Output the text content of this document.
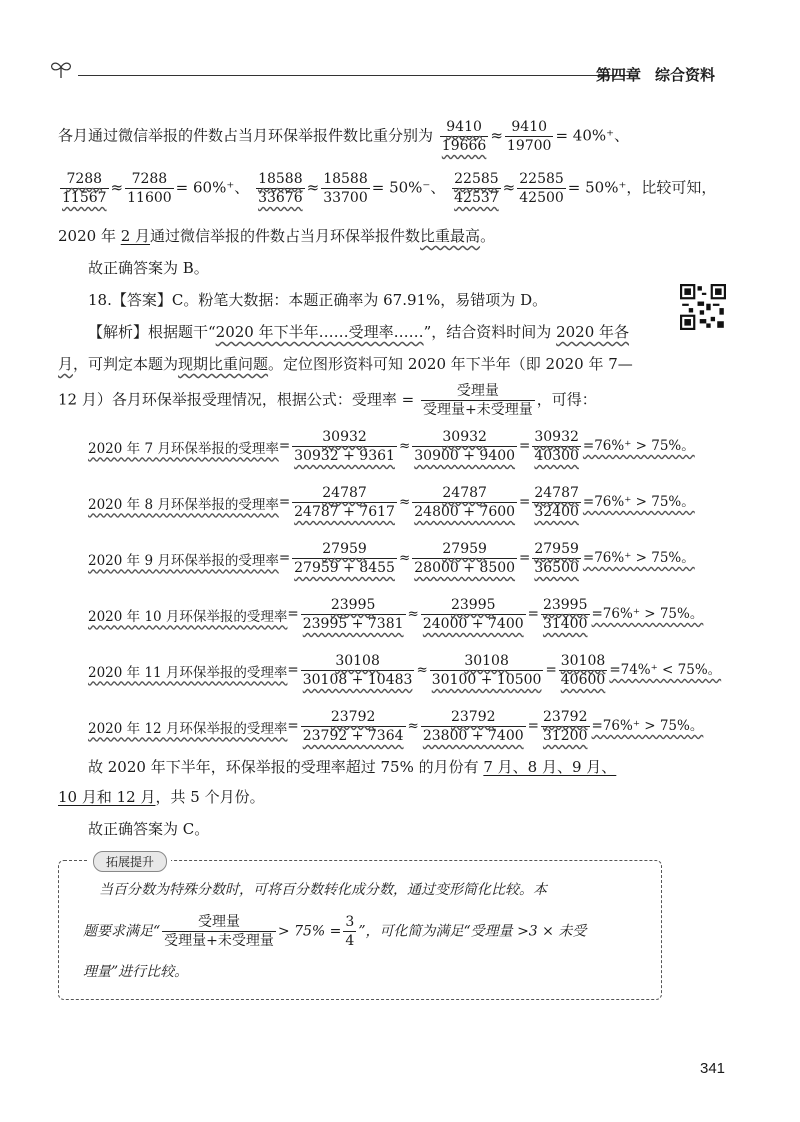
第四章 综合资料
各月通过微信举报的件数占当月环保举报件数比重分别为 $\frac{9410}{19666} \approx \frac{9410}{19700} = 40\%^+$、
$\frac{7288}{11567} \approx \frac{7288}{11600} = 60\%^+$、 $\frac{18588}{33676} \approx \frac{18588}{33700} = 50\%^-$、 $\frac{22585}{42537} \approx \frac{22585}{42500} = 50\%^+$，比较可知，
2020 年 2 月通过微信举报的件数占当月环保举报件数比重最高。
故正确答案为 B。
18.【答案】C。粉笔大数据：本题正确率为 67.91%，易错项为 D。
【解析】根据题干“2020 年下半年……受理率……”，结合资料时间为 2020 年各
月，可判定本题为现期比重问题。定位图形资料可知 2020 年下半年（即 2020 年 7—
12 月）各月环保举报受理情况，根据公式：受理率 = $\frac{\text{受理量}}{\text{受理量+未受理量}}$ ，可得：
2020 年 7 月环保举报的受理率= $\frac{30932}{30932 + 9361} \approx \frac{30932}{30900 + 9400} = \frac{30932}{40300} =76\%^+ > 75\%$。
2020 年 8 月环保举报的受理率= $\frac{24787}{24787 + 7617} \approx \frac{24787}{24800 + 7600} = \frac{24787}{32400} =76\%^+ > 75\%$。
2020 年 9 月环保举报的受理率= $\frac{27959}{27959 + 8455} \approx \frac{27959}{28000 + 8500} = \frac{27959}{36500} =76\%^+ > 75\%$。
2020 年 10 月环保举报的受理率= $\frac{23995}{23995 + 7381} \approx \frac{23995}{24000 + 7400} = \frac{23995}{31400} =76\%^+ > 75\%$。
2020 年 11 月环保举报的受理率= $\frac{30108}{30108 + 10483} \approx \frac{30108}{30100 + 10500} = \frac{30108}{40600} =74\%^+ < 75\%$。
2020 年 12 月环保举报的受理率= $\frac{23792}{23792 + 7364} \approx \frac{23792}{23800 + 7400} = \frac{23792}{31200} =76\%^+ > 75\%$。
故 2020 年下半年，环保举报的受理率超过 75% 的月份有 7 月、8 月、9 月、
10 月和 12 月，共 5 个月份。
故正确答案为 C。
拓展提升
当百分数为特殊分数时，可将百分数转化成分数，通过变形简化比较。本
题要求满足“ $\frac{\text{受理量}}{\text{受理量+未受理量}} > 75\% = \frac{3}{4}$ ”，可化简为满足“受理量 >3 × 未受
理量”进行比较。
341
